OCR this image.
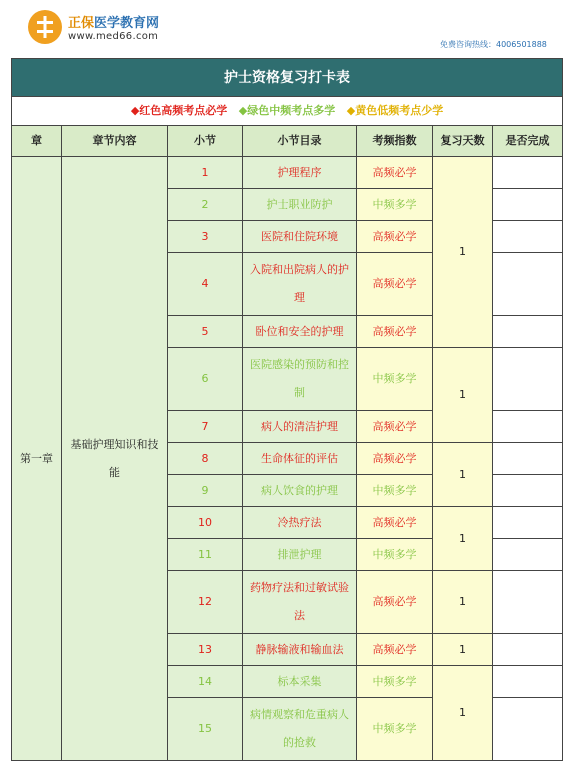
正保医学教育网
www.med66.com
免费咨询热线：4006501888
护士资格复习打卡表						
◆红色高频考点必学 ◆绿色中频考点多学 ◆黄色低频考点少学						
章	章节内容	小节	小节目录	考频指数	复习天数	是否完成
第一章	基础护理知识和技能	1	护理程序	高频必学	1	
		2	护士职业防护	中频多学		
		3	医院和住院环境	高频必学		
		4	入院和出院病人的护理	高频必学		
		5	卧位和安全的护理	高频必学		
		6	医院感染的预防和控制	中频多学	1	
		7	病人的清洁护理	高频必学		
		8	生命体征的评估	高频必学	1	
		9	病人饮食的护理	中频多学		
		10	冷热疗法	高频必学	1	
		11	排泄护理	中频多学		
		12	药物疗法和过敏试验法	高频必学	1	
		13	静脉输液和输血法	高频必学	1	
		14	标本采集	中频多学	1	
		15	病情观察和危重病人的抢救	中频多学		
